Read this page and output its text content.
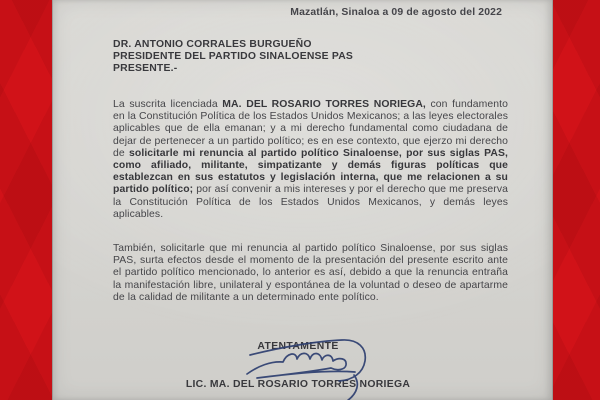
Mazatlán, Sinaloa a 09 de agosto del 2022
DR. ANTONIO CORRALES BURGUEÑO
PRESIDENTE DEL PARTIDO SINALOENSE PAS
PRESENTE.-
La suscrita licenciada MA. DEL ROSARIO TORRES NORIEGA, con fundamento en la Constitución Política de los Estados Unidos Mexicanos; a las leyes electorales aplicables que de ella emanan; y a mi derecho fundamental como ciudadana de dejar de pertenecer a un partido político; es en ese contexto, que ejerzo mi derecho de solicitarle mi renuncia al partido político Sinaloense, por sus siglas PAS, como afiliado, militante, simpatizante y demás figuras políticas que establezcan en sus estatutos y legislación interna, que me relacionen a su partido político; por así convenir a mis intereses y por el derecho que me preserva la Constitución Política de los Estados Unidos Mexicanos, y demás leyes aplicables.
También, solicitarle que mi renuncia al partido político Sinaloense, por sus siglas PAS, surta efectos desde el momento de la presentación del presente escrito ante el partido político mencionado, lo anterior es así, debido a que la renuncia entraña la manifestación libre, unilateral y espontánea de la voluntad o deseo de apartarme de la calidad de militante a un determinado ente político.
ATENTAMENTE
LIC. MA. DEL ROSARIO TORRES NORIEGA
